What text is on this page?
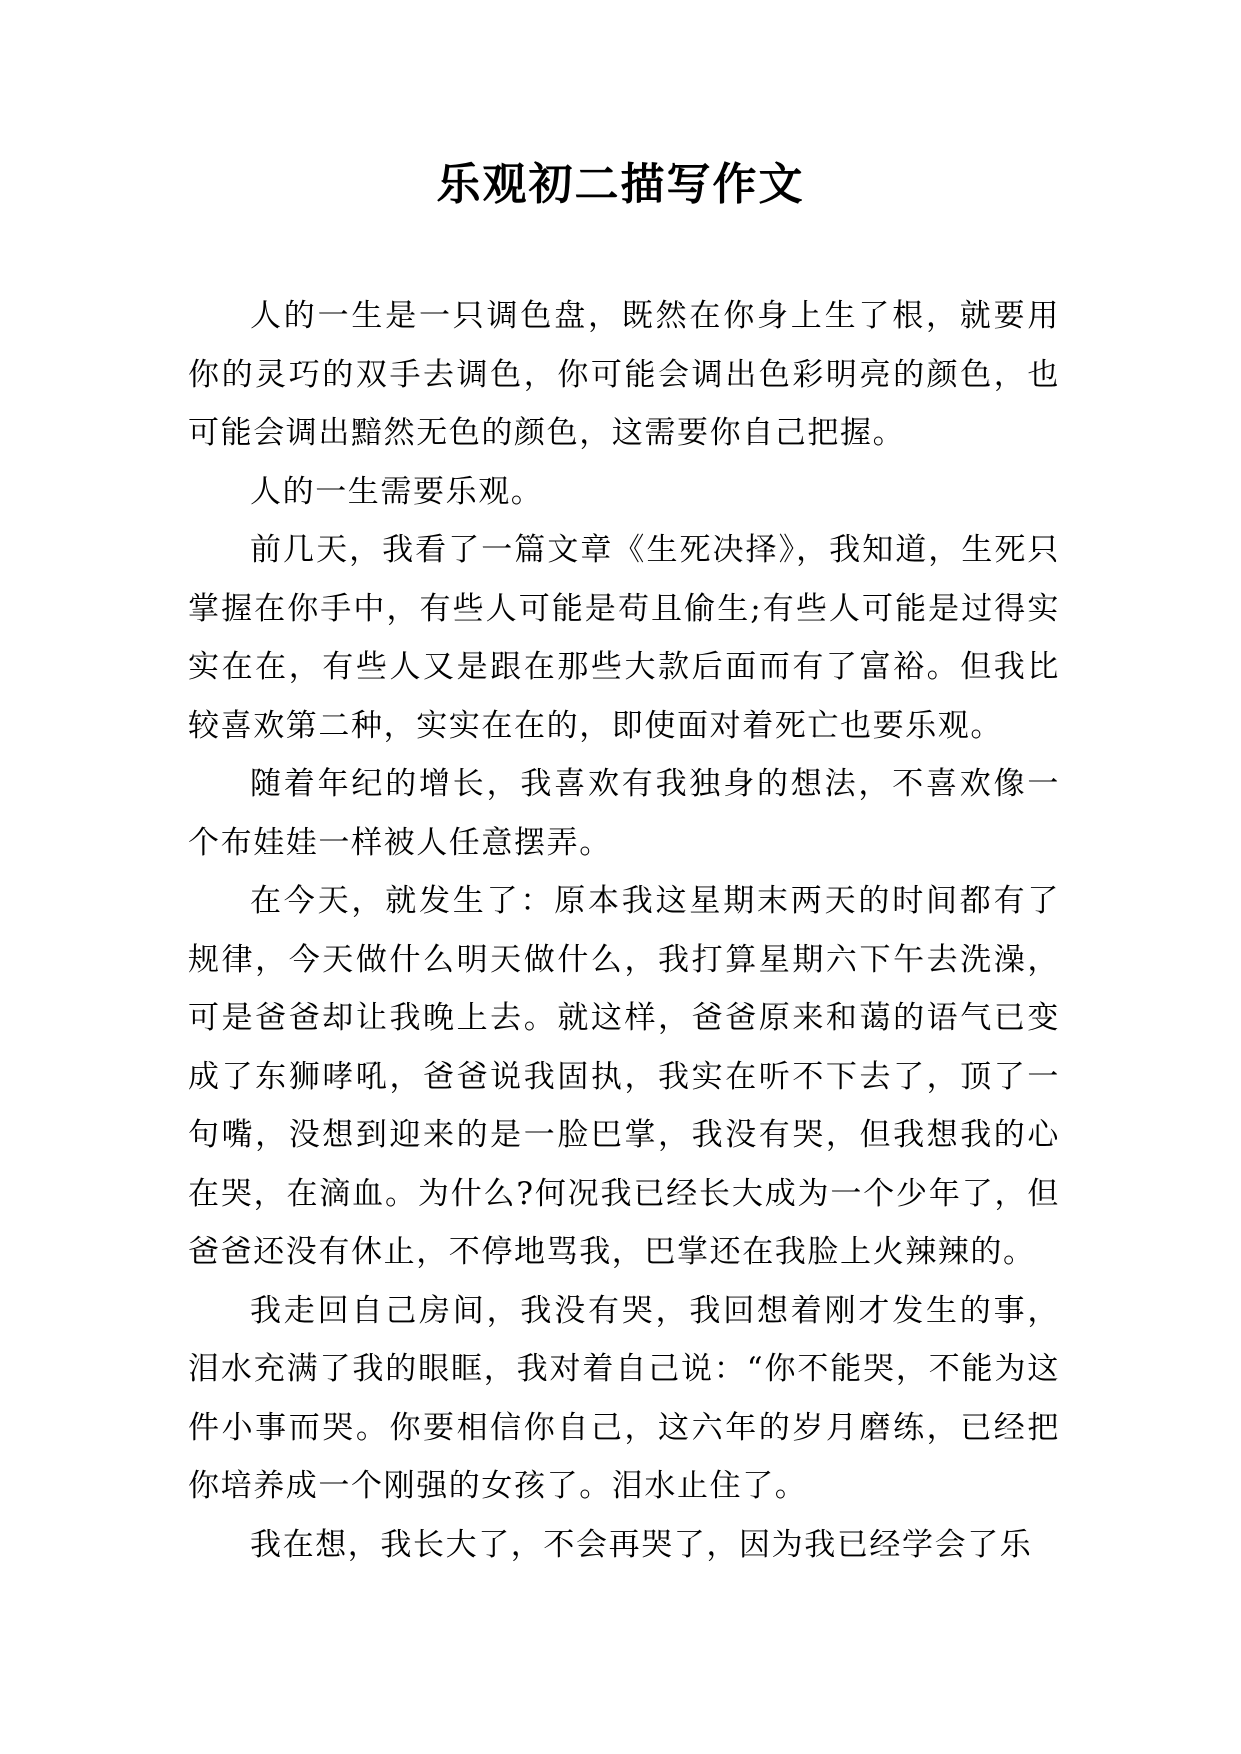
乐观初二描写作文

人的一生是一只调色盘，既然在你身上生了根，就要用你的灵巧的双手去调色，你可能会调出色彩明亮的颜色，也可能会调出黯然无色的颜色，这需要你自己把握。

人的一生需要乐观。

前几天，我看了一篇文章《生死决择》，我知道，生死只掌握在你手中，有些人可能是苟且偷生;有些人可能是过得实实在在，有些人又是跟在那些大款后面而有了富裕。但我比较喜欢第二种，实实在在的，即使面对着死亡也要乐观。

随着年纪的增长，我喜欢有我独身的想法，不喜欢像一个布娃娃一样被人任意摆弄。

在今天，就发生了：原本我这星期末两天的时间都有了规律，今天做什么明天做什么，我打算星期六下午去洗澡，可是爸爸却让我晚上去。就这样，爸爸原来和蔼的语气已变成了东狮哮吼，爸爸说我固执，我实在听不下去了，顶了一句嘴，没想到迎来的是一脸巴掌，我没有哭，但我想我的心在哭，在滴血。为什么?何况我已经长大成为一个少年了，但爸爸还没有休止，不停地骂我，巴掌还在我脸上火辣辣的。

我走回自己房间，我没有哭，我回想着刚才发生的事，泪水充满了我的眼眶，我对着自己说：“你不能哭，不能为这件小事而哭。你要相信你自己，这六年的岁月磨练，已经把你培养成一个刚强的女孩了。泪水止住了。

我在想，我长大了，不会再哭了，因为我已经学会了乐
